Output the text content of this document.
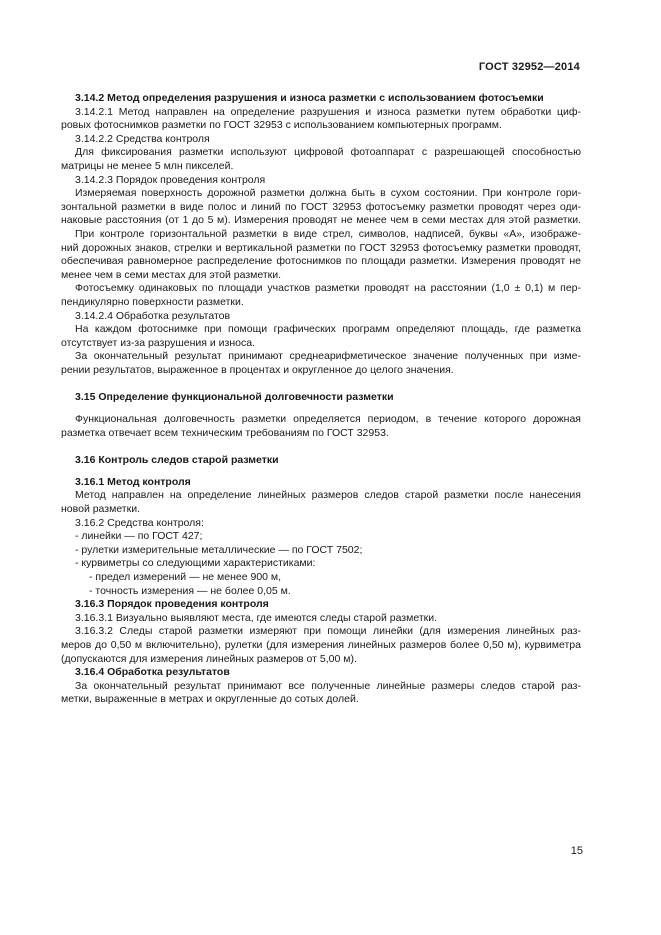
ГОСТ 32952—2014

3.14.2 Метод определения разрушения и износа разметки с использованием фотосъемки

3.14.2.1 Метод направлен на определение разрушения и износа разметки путем обработки циф-

ровых фотоснимков разметки по ГОСТ 32953 с использованием компьютерных программ.

3.14.2.2 Средства контроля

Для фиксирования разметки используют цифровой фотоаппарат с разрешающей способностью

матрицы не менее 5 млн пикселей.

3.14.2.3 Порядок проведения контроля

Измеряемая поверхность дорожной разметки должна быть в сухом состоянии. При контроле гори-

зонтальной разметки в виде полос и линий по ГОСТ 32953 фотосъемку разметки проводят через оди-

наковые расстояния (от 1 до 5 м). Измерения проводят не менее чем в семи местах для этой разметки.

При контроле горизонтальной разметки в виде стрел, символов, надписей, буквы «А», изображе-

ний дорожных знаков, стрелки и вертикальной разметки по ГОСТ 32953 фотосъемку разметки проводят,

обеспечивая равномерное распределение фотоснимков по площади разметки. Измерения проводят не

менее чем в семи местах для этой разметки.

Фотосъемку одинаковых по площади участков разметки проводят на расстоянии (1,0 ± 0,1) м пер-

пендикулярно поверхности разметки.

3.14.2.4 Обработка результатов

На каждом фотоснимке при помощи графических программ определяют площадь, где разметка

отсутствует из-за разрушения и износа.

За окончательный результат принимают среднеарифметическое значение полученных при изме-

рении результатов, выраженное в процентах и округленное до целого значения.

3.15 Определение функциональной долговечности разметки

Функциональная долговечность разметки определяется периодом, в течение которого дорожная

разметка отвечает всем техническим требованиям по ГОСТ 32953.

3.16 Контроль следов старой разметки

3.16.1 Метод контроля

Метод направлен на определение линейных размеров следов старой разметки после нанесения

новой разметки.

3.16.2 Средства контроля:

- линейки — по ГОСТ 427;

- рулетки измерительные металлические — по ГОСТ 7502;

- курвиметры со следующими характеристиками:

- предел измерений — не менее 900 м,

- точность измерения — не более 0,05 м.

3.16.3 Порядок проведения контроля

3.16.3.1 Визуально выявляют места, где имеются следы старой разметки.

3.16.3.2 Следы старой разметки измеряют при помощи линейки (для измерения линейных раз-

меров до 0,50 м включительно), рулетки (для измерения линейных размеров более 0,50 м), курвиметра

(допускаются для измерения линейных размеров от 5,00 м).

3.16.4 Обработка результатов

За окончательный результат принимают все полученные линейные размеры следов старой раз-

метки, выраженные в метрах и округленные до сотых долей.

15
